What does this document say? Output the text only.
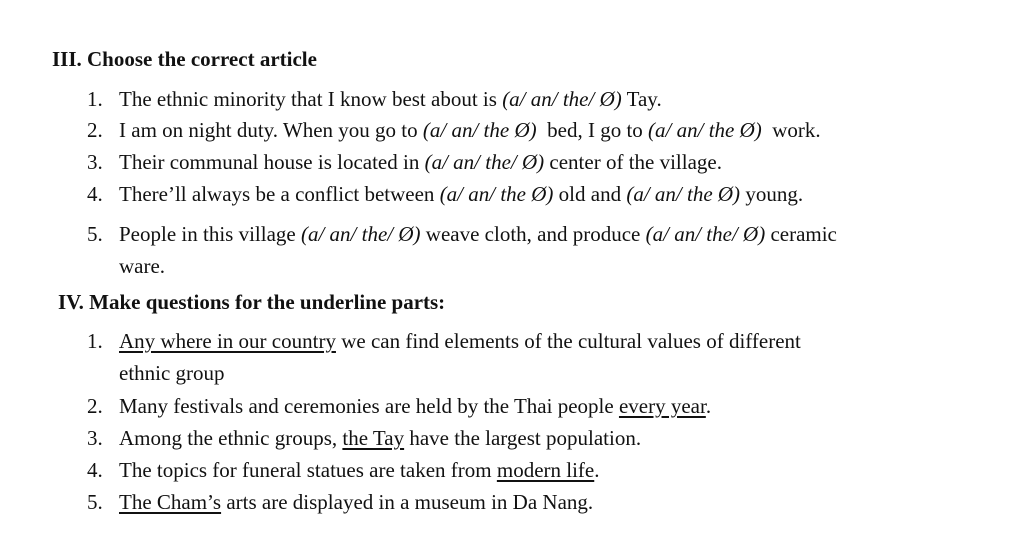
III. Choose the correct article
1. The ethnic minority that I know best about is (a/ an/ the/ Ø) Tay.
2. I am on night duty. When you go to (a/ an/ the Ø)  bed, I go to (a/ an/ the Ø)  work.
3. Their communal house is located in (a/ an/ the/ Ø) center of the village.
4. There’ll always be a conflict between (a/ an/ the Ø) old and (a/ an/ the Ø) young.
5. People in this village (a/ an/ the/ Ø) weave cloth, and produce (a/ an/ the/ Ø) ceramic
ware.
IV. Make questions for the underline parts:
1. Any where in our country we can find elements of the cultural values of different
ethnic group
2. Many festivals and ceremonies are held by the Thai people every year.
3. Among the ethnic groups, the Tay have the largest population.
4. The topics for funeral statues are taken from modern life.
5. The Cham’s arts are displayed in a museum in Da Nang.
